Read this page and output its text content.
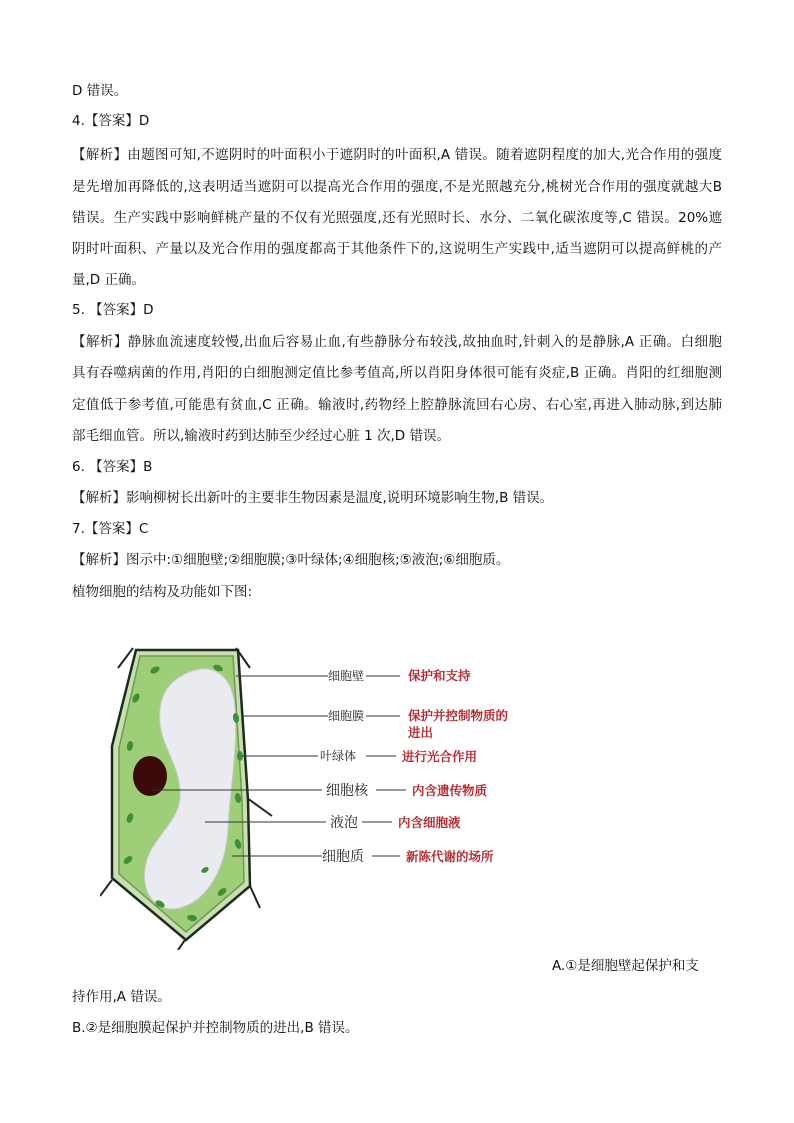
D 错误。
4.【答案】D
【解析】由题图可知,不遮阴时的叶面积小于遮阴时的叶面积,A 错误。随着遮阴程度的加大,光合作用的强度
是先增加再降低的,这表明适当遮阴可以提高光合作用的强度,不是光照越充分,桃树光合作用的强度就越大B
错误。生产实践中影响鲜桃产量的不仅有光照强度,还有光照时长、水分、二氧化碳浓度等,C 错误。20%遮
阴时叶面积、产量以及光合作用的强度都高于其他条件下的,这说明生产实践中,适当遮阴可以提高鲜桃的产
量,D 正确。
5. 【答案】D
【解析】静脉血流速度较慢,出血后容易止血,有些静脉分布较浅,故抽血时,针刺入的是静脉,A 正确。白细胞
具有吞噬病菌的作用,肖阳的白细胞测定值比参考值高,所以肖阳身体很可能有炎症,B 正确。肖阳的红细胞测
定值低于参考值,可能患有贫血,C 正确。输液时,药物经上腔静脉流回右心房、右心室,再进入肺动脉,到达肺
部毛细血管。所以,输液时药到达肺至少经过心脏 1 次,D 错误。
6. 【答案】B
【解析】影响柳树长出新叶的主要非生物因素是温度,说明环境影响生物,B 错误。
7.【答案】C
【解析】图示中:①细胞壁;②细胞膜;③叶绿体;④细胞核;⑤液泡;⑥细胞质。
植物细胞的结构及功能如下图:
细胞壁
细胞膜
叶绿体
细胞核
液泡
细胞质
保护和支持
保护并控制物质的
进出
进行光合作用
内含遗传物质
内含细胞液
新陈代谢的场所
A.①是细胞壁起保护和支
持作用,A 错误。
B.②是细胞膜起保护并控制物质的进出,B 错误。
